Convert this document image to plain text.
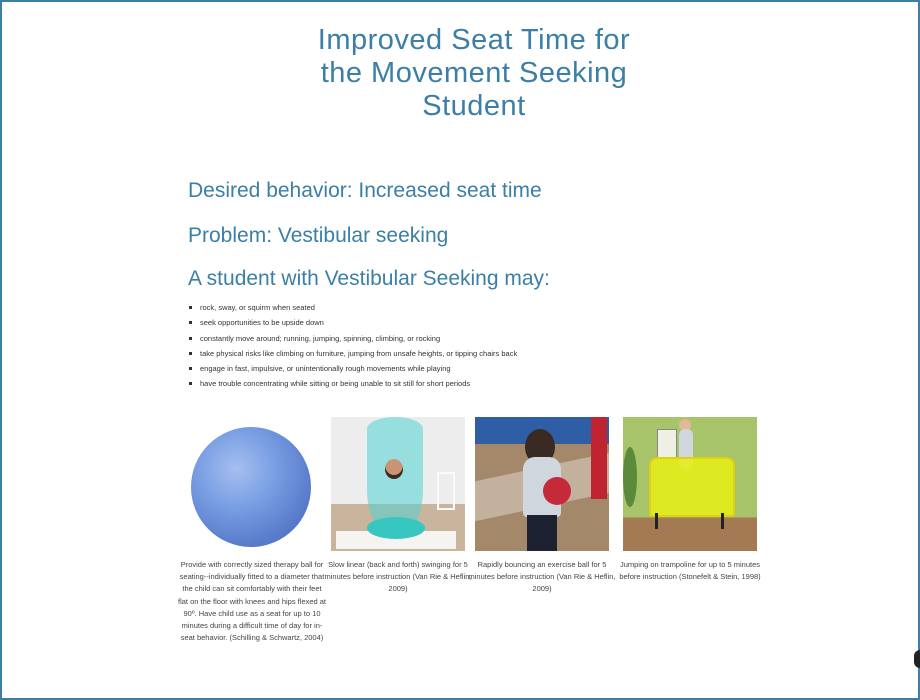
Improved Seat Time for
the Movement Seeking
Student
Desired behavior: Increased seat time
Problem: Vestibular seeking
A student with Vestibular Seeking may:
rock, sway, or squirm when seated
seek opportunities to be upside down
constantly move around; running, jumping, spinning, climbing, or rocking
take physical risks like climbing on furniture, jumping from unsafe heights, or tipping chairs back
engage in fast, impulsive, or unintentionally rough movements while playing
have trouble concentrating while sitting or being unable to sit still for short periods
Provide with correctly sized therapy ball for seating--individually fitted to a diameter that the child can sit comfortably with their feet flat on the floor with knees and hips flexed at 90º. Have child use as a seat for up to 10 minutes during a difficult time of day for in-seat behavior. (Schilling & Schwartz, 2004)
Slow linear (back and forth) swinging for 5 minutes before instruction (Van Rie & Heflin, 2009)
Rapidly bouncing an exercise ball for 5 minutes before instruction (Van Rie & Heflin, 2009)
Jumping on trampoline for up to 5 minutes before instruction (Stonefelt & Stein, 1998)
